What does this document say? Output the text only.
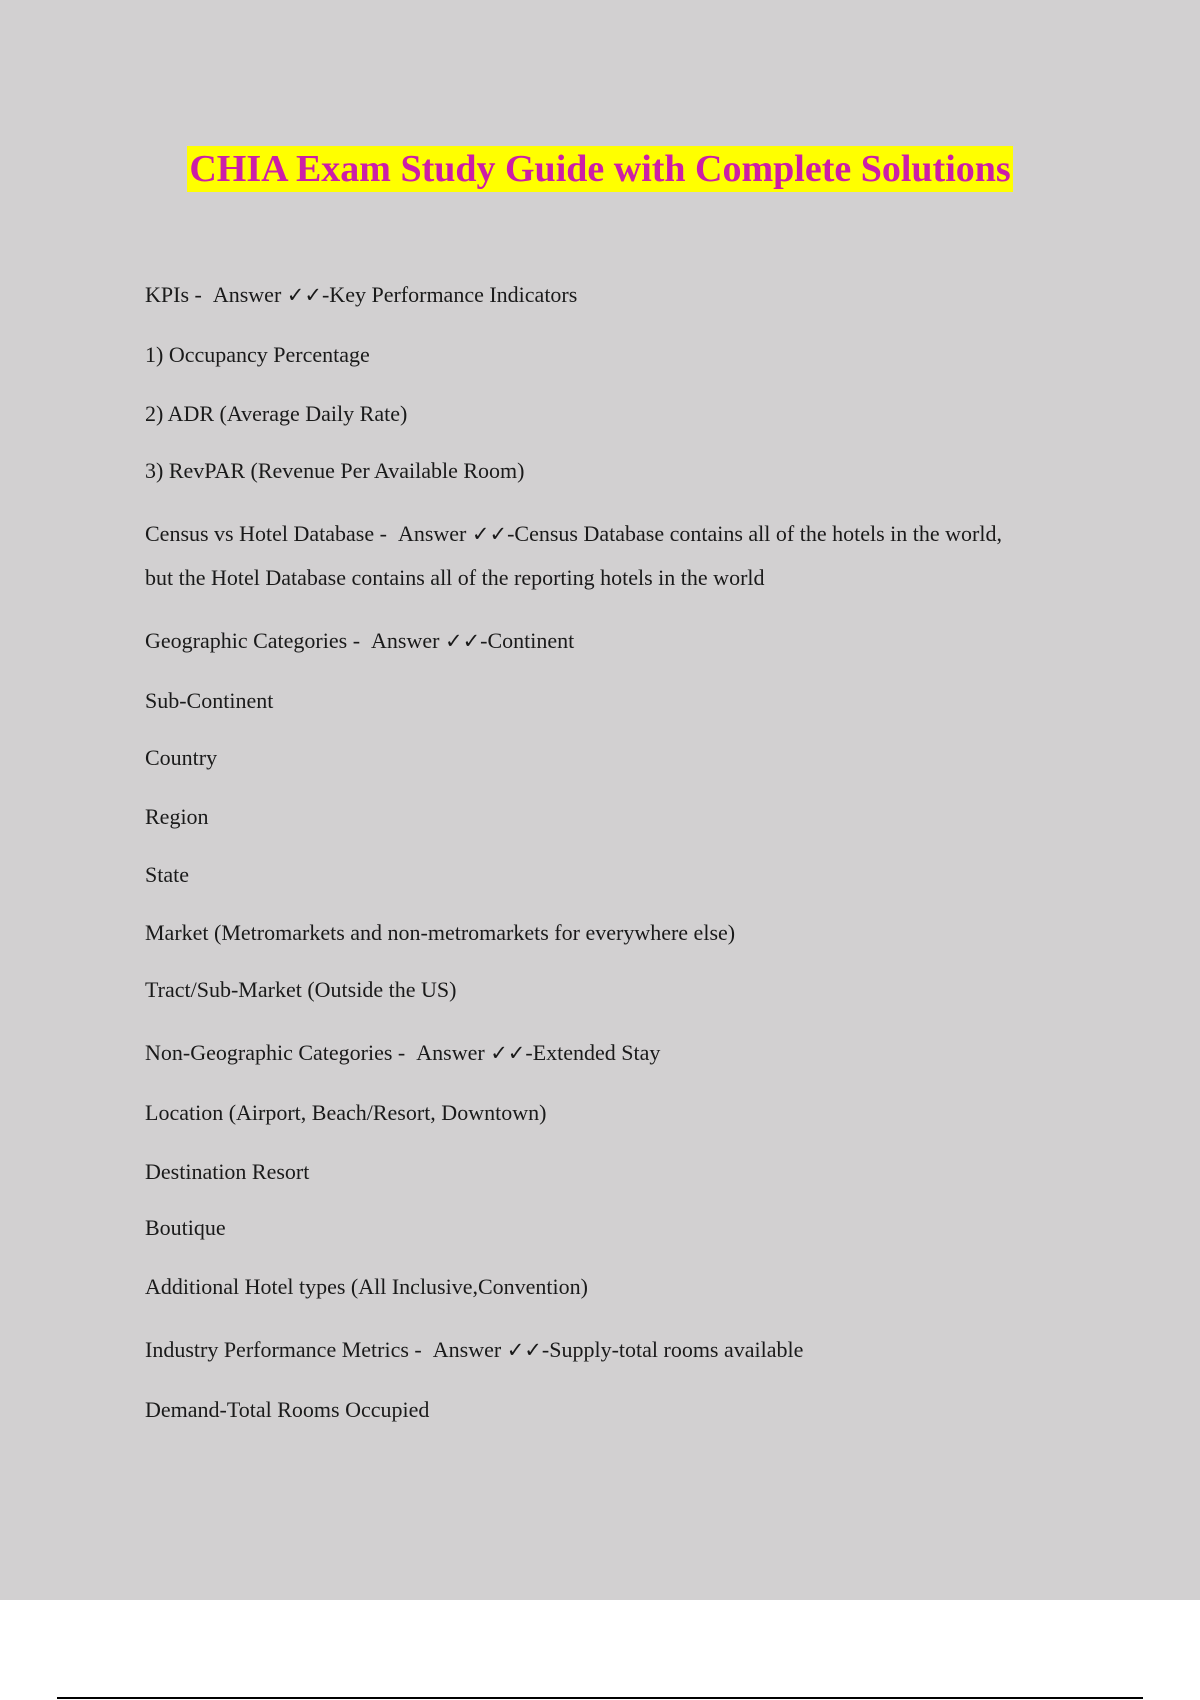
CHIA Exam Study Guide with Complete Solutions
KPIs -  Answer ✓✓-Key Performance Indicators
1) Occupancy Percentage
2) ADR (Average Daily Rate)
3) RevPAR (Revenue Per Available Room)
Census vs Hotel Database -  Answer ✓✓-Census Database contains all of the hotels in the world,
but the Hotel Database contains all of the reporting hotels in the world
Geographic Categories -  Answer ✓✓-Continent
Sub-Continent
Country
Region
State
Market (Metromarkets and non-metromarkets for everywhere else)
Tract/Sub-Market (Outside the US)
Non-Geographic Categories -  Answer ✓✓-Extended Stay
Location (Airport, Beach/Resort, Downtown)
Destination Resort
Boutique
Additional Hotel types (All Inclusive,Convention)
Industry Performance Metrics -  Answer ✓✓-Supply-total rooms available
Demand-Total Rooms Occupied
